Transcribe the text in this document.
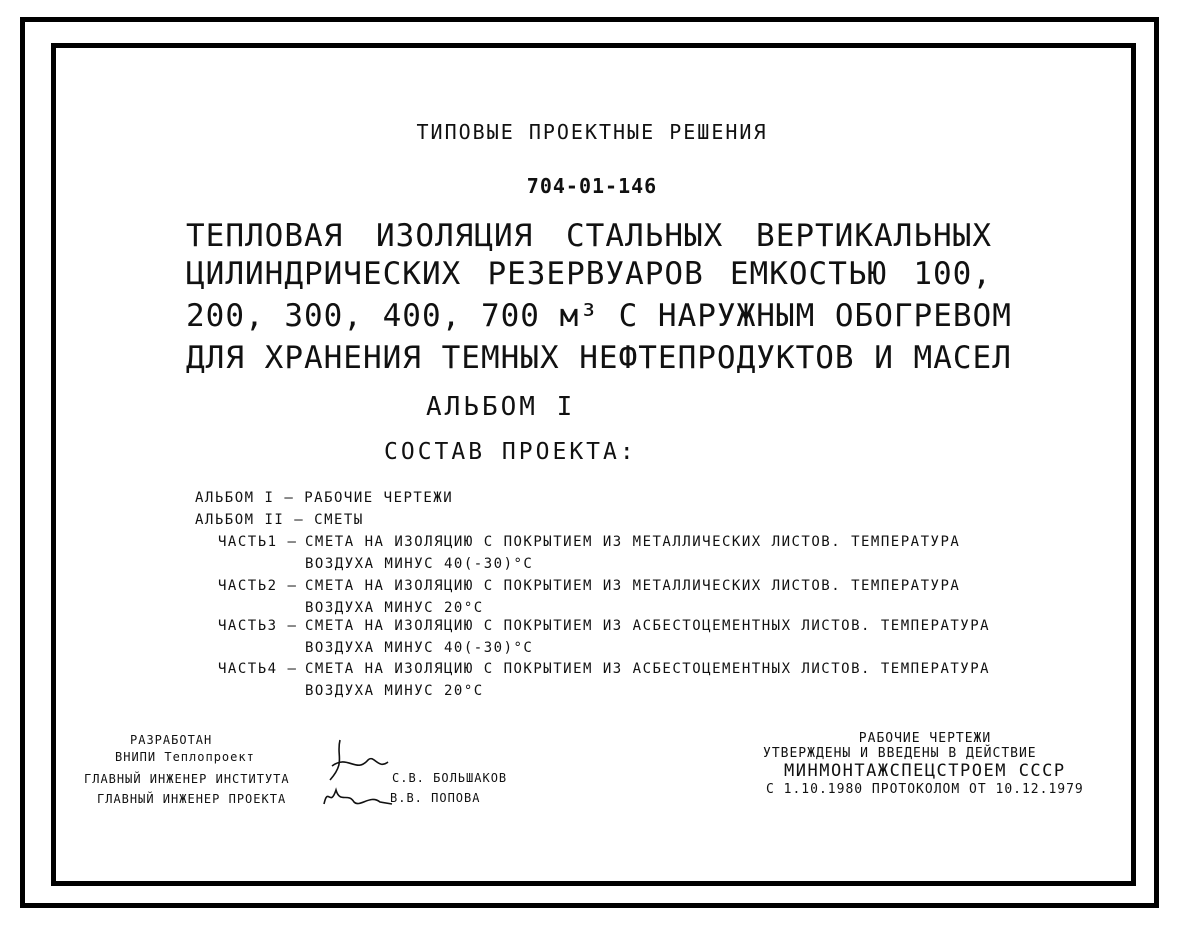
ТИПОВЫЕ ПРОЕКТНЫЕ РЕШЕНИЯ
704-01-146
ТЕПЛОВАЯ ИЗОЛЯЦИЯ СТАЛЬНЫХ ВЕРТИКАЛЬНЫХ
ЦИЛИНДРИЧЕСКИХ РЕЗЕРВУАРОВ ЕМКОСТЬЮ 100,
200, 300, 400, 700 м³ С НАРУЖНЫМ ОБОГРЕВОМ
ДЛЯ ХРАНЕНИЯ ТЕМНЫХ НЕФТЕПРОДУКТОВ И МАСЕЛ
АЛЬБОМ I
СОСТАВ ПРОЕКТА:
АЛЬБОМ I – РАБОЧИЕ ЧЕРТЕЖИ
АЛЬБОМ II – СМЕТЫ
ЧАСТЬ1 – СМЕТА НА ИЗОЛЯЦИЮ С ПОКРЫТИЕМ ИЗ МЕТАЛЛИЧЕСКИХ ЛИСТОВ. ТЕМПЕРАТУРА
ВОЗДУХА МИНУС 40(-30)°С
ЧАСТЬ2 – СМЕТА НА ИЗОЛЯЦИЮ С ПОКРЫТИЕМ ИЗ МЕТАЛЛИЧЕСКИХ ЛИСТОВ. ТЕМПЕРАТУРА
ВОЗДУХА МИНУС 20°С
ЧАСТЬ3 – СМЕТА НА ИЗОЛЯЦИЮ С ПОКРЫТИЕМ ИЗ АСБЕСТОЦЕМЕНТНЫХ ЛИСТОВ. ТЕМПЕРАТУРА
ВОЗДУХА МИНУС 40(-30)°С
ЧАСТЬ4 – СМЕТА НА ИЗОЛЯЦИЮ С ПОКРЫТИЕМ ИЗ АСБЕСТОЦЕМЕНТНЫХ ЛИСТОВ. ТЕМПЕРАТУРА
ВОЗДУХА МИНУС 20°С
РАЗРАБОТАН
ВНИПИ Теплопроект
ГЛАВНЫЙ ИНЖЕНЕР ИНСТИТУТА
ГЛАВНЫЙ ИНЖЕНЕР ПРОЕКТА
С.В. БОЛЬШАКОВ
В.В. ПОПОВА
РАБОЧИЕ ЧЕРТЕЖИ
УТВЕРЖДЕНЫ И ВВЕДЕНЫ В ДЕЙСТВИЕ
МИНМОНТАЖСПЕЦСТРОЕМ СССР
С 1.10.1980 ПРОТОКОЛОМ ОТ 10.12.1979
